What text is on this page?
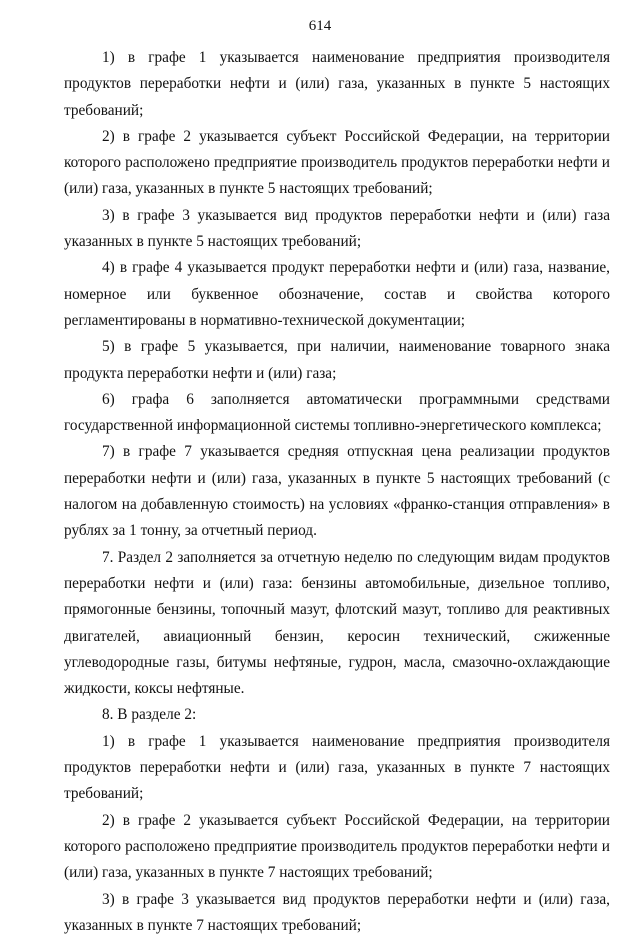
614

1) в графе 1 указывается наименование предприятия производителя продуктов переработки нефти и (или) газа, указанных в пункте 5 настоящих требований;

2) в графе 2 указывается субъект Российской Федерации, на территории которого расположено предприятие производитель продуктов переработки нефти и (или) газа, указанных в пункте 5 настоящих требований;

3) в графе 3 указывается вид продуктов переработки нефти и (или) газа указанных в пункте 5 настоящих требований;

4) в графе 4 указывается продукт переработки нефти и (или) газа, название, номерное или буквенное обозначение, состав и свойства которого регламентированы в нормативно-технической документации;

5) в графе 5 указывается, при наличии, наименование товарного знака продукта переработки нефти и (или) газа;

6) графа 6 заполняется автоматически программными средствами государственной информационной системы топливно-энергетического комплекса;

7) в графе 7 указывается средняя отпускная цена реализации продуктов переработки нефти и (или) газа, указанных в пункте 5 настоящих требований (с налогом на добавленную стоимость) на условиях «франко-станция отправления» в рублях за 1 тонну, за отчетный период.

7. Раздел 2 заполняется за отчетную неделю по следующим видам продуктов переработки нефти и (или) газа: бензины автомобильные, дизельное топливо, прямогонные бензины, топочный мазут, флотский мазут, топливо для реактивных двигателей, авиационный бензин, керосин технический, сжиженные углеводородные газы, битумы нефтяные, гудрон, масла, смазочно-охлаждающие жидкости, коксы нефтяные.

8. В разделе 2:

1) в графе 1 указывается наименование предприятия производителя продуктов переработки нефти и (или) газа, указанных в пункте 7 настоящих требований;

2) в графе 2 указывается субъект Российской Федерации, на территории которого расположено предприятие производитель продуктов переработки нефти и (или) газа, указанных в пункте 7 настоящих требований;

3) в графе 3 указывается вид продуктов переработки нефти и (или) газа, указанных в пункте 7 настоящих требований;
